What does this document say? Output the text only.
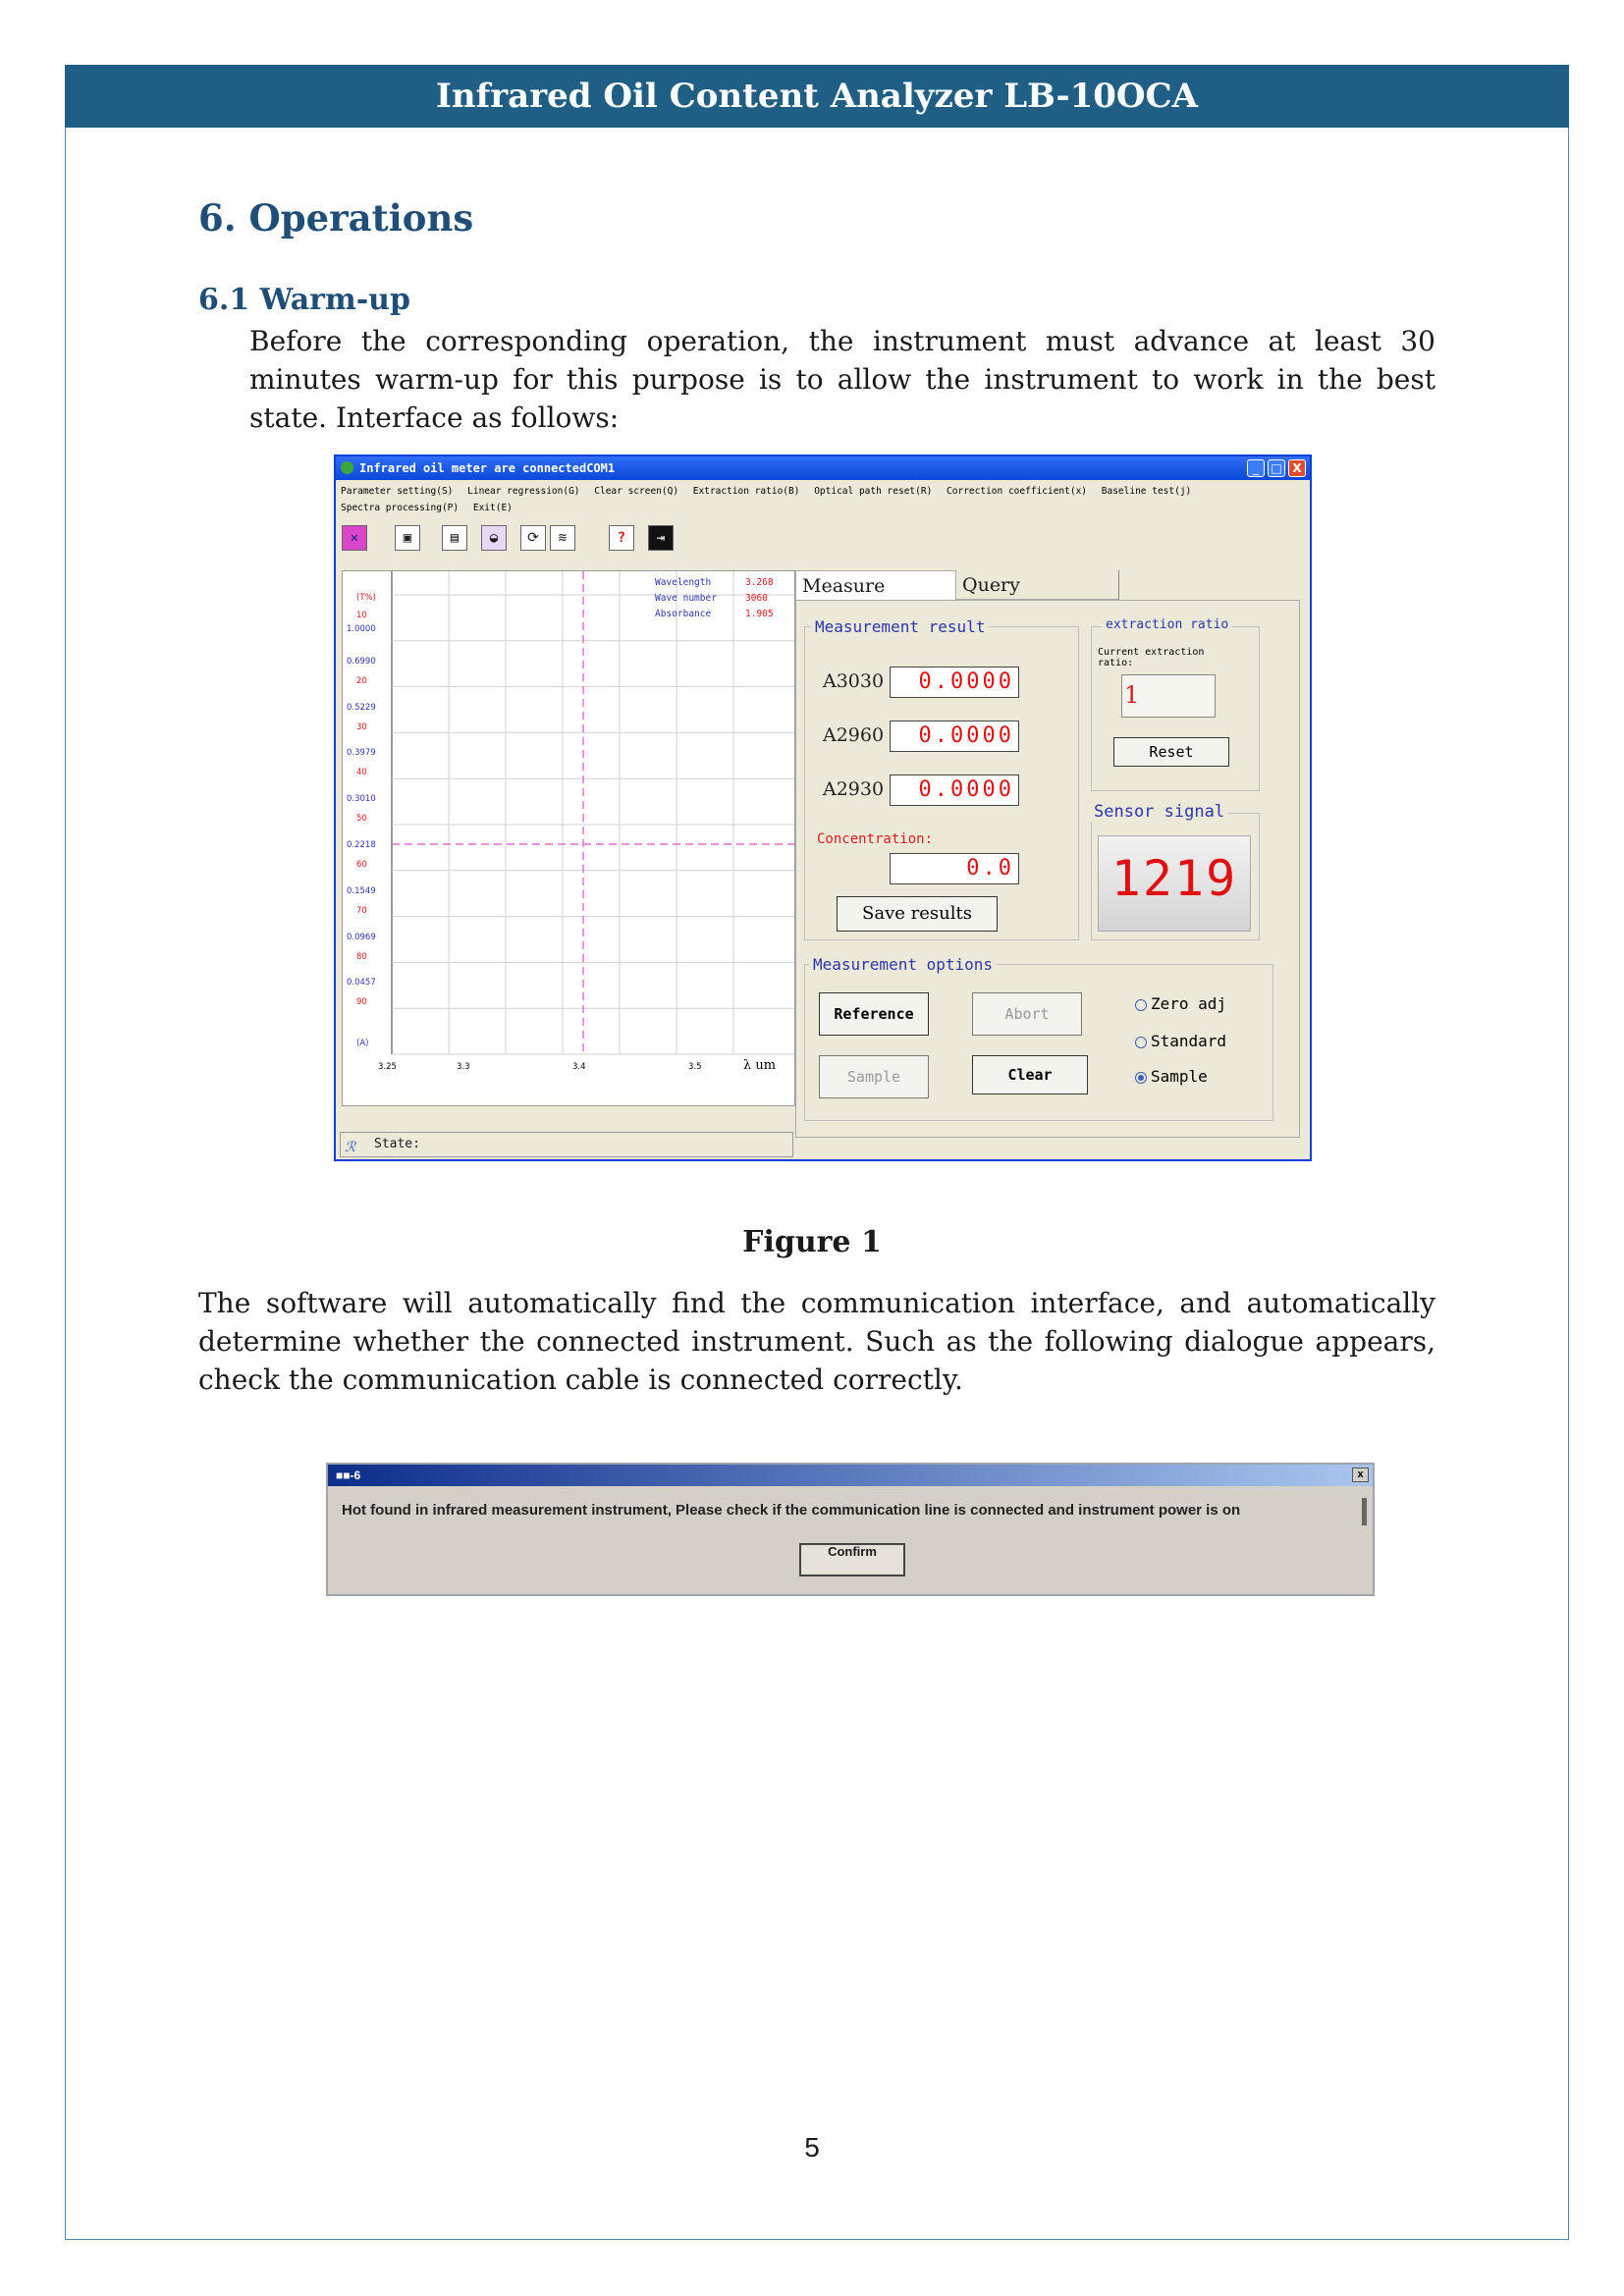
Infrared Oil Content Analyzer LB-10OCA
6. Operations
6.1 Warm-up
Before the corresponding operation, the instrument must advance at least 30 minutes warm-up for this purpose is to allow the instrument to work in the best state. Interface as follows:
Infrared oil meter are connectedCOM1	_	□ X
Parameter setting(S) Linear regression(G) Clear screen(Q) Extraction ratio(B) Optical path reset(R) Correction coefficient(x) Baseline test(j)
Spectra processing(P) Exit(E)
✕	▣	▤	◒	⟳	≋	?	⇥
Wavelength
Wave number
Absorbance
3.268
3060
1.905
(T%)
10
20
30
40
50
60
70
80
90
1.0000
0.6990
0.5229
0.3979
0.3010
0.2218
0.1549
0.0969
0.0457
(A)
3.25	3.3	3.4	3.5	λ um
Measure	Query
Measurement result
A3030	0.0000
A2960	0.0000
A2930	0.0000
Concentration:
0.0
Save results
extraction ratio
Current extraction ratio:
1
Reset
Sensor signal
1219
Measurement options
Reference	Abort
Sample	Clear
Zero adj
Standard
Sample
ℛ State:
Figure 1
The software will automatically find the communication interface, and automatically determine whether the connected instrument. Such as the following dialogue appears, check the communication cable is connected correctly.
■■-6	x
Hot found in infrared measurement instrument, Please check if the communication line is connected and instrument power is on
Confirm
5
